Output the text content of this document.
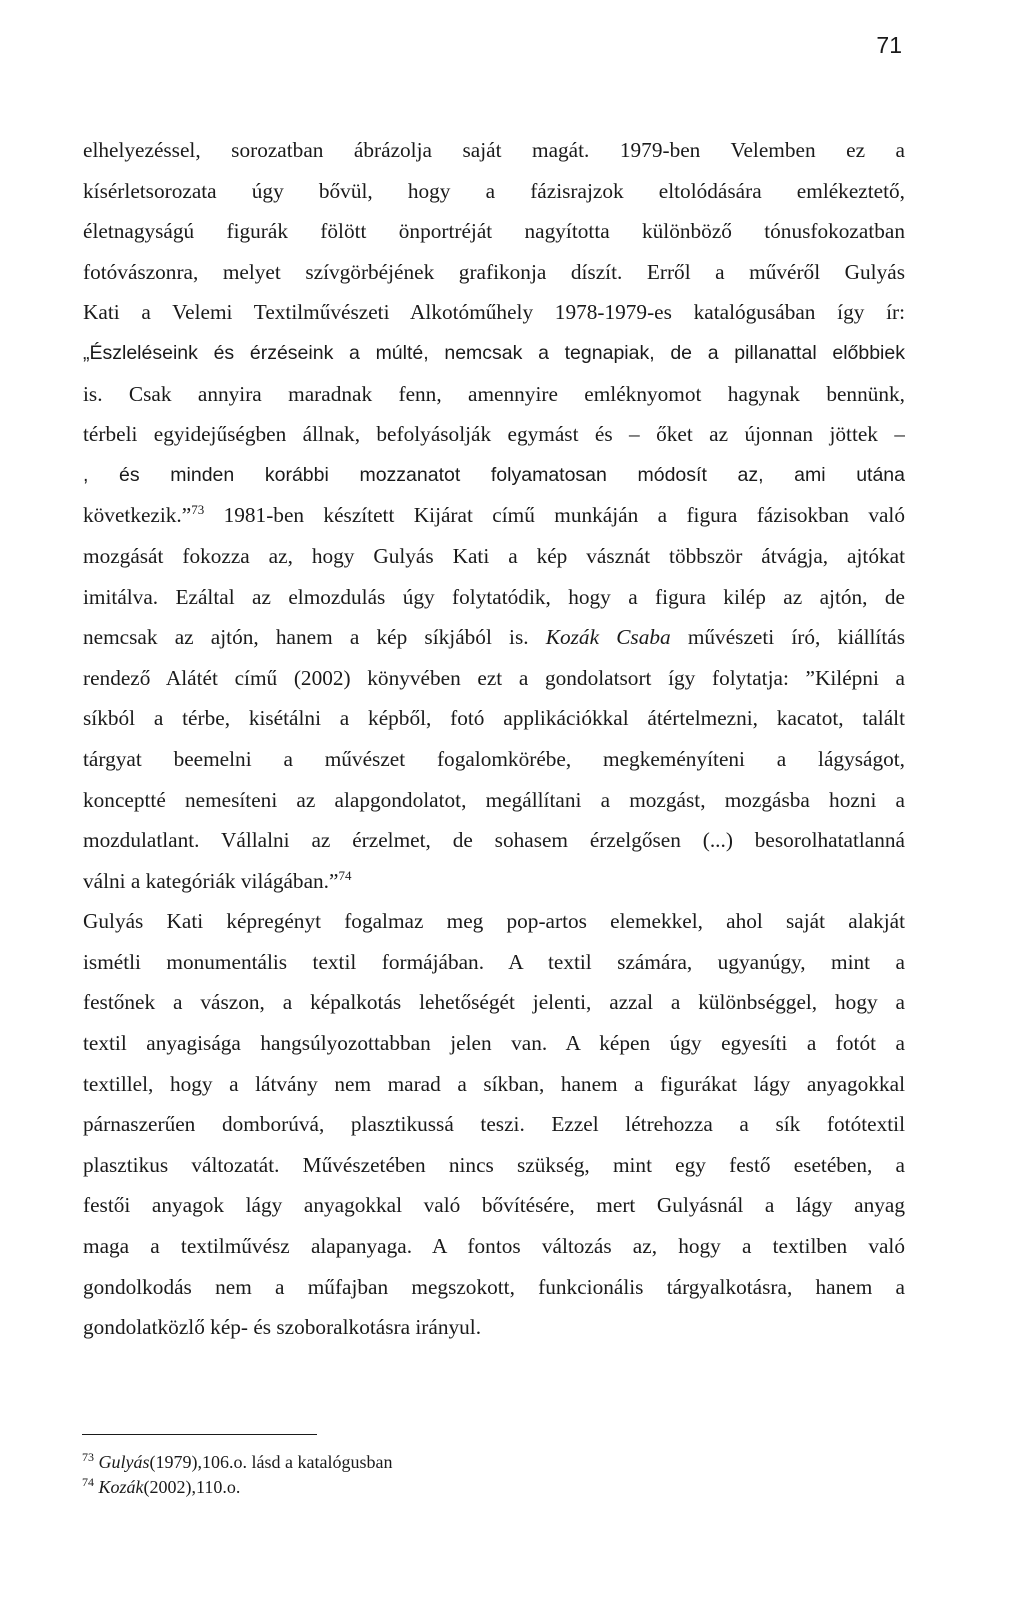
71
elhelyezéssel, sorozatban ábrázolja saját magát. 1979-ben Velemben ez a
kísérletsorozata úgy bővül, hogy a fázisrajzok eltolódására emlékeztető,
életnagyságú figurák fölött önportréját nagyította különböző tónusfokozatban
fotóvászonra, melyet szívgörbéjének grafikonja díszít. Erről a művéről Gulyás
Kati a Velemi Textilművészeti Alkotóműhely 1978-1979-es katalógusában így ír:
„Észleléseink és érzéseink a múlté, nemcsak a tegnapiak, de a pillanattal előbbiek
is. Csak annyira maradnak fenn, amennyire emléknyomot hagynak bennünk,
térbeli egyidejűségben állnak, befolyásolják egymást és – őket az újonnan jöttek –
, és minden korábbi mozzanatot folyamatosan módosít az, ami utána
következik.”$^{73}$ 1981-ben készített Kijárat című munkáján a figura fázisokban való
mozgását fokozza az, hogy Gulyás Kati a kép vásznát többször átvágja, ajtókat
imitálva. Ezáltal az elmozdulás úgy folytatódik, hogy a figura kilép az ajtón, de
nemcsak az ajtón, hanem a kép síkjából is. Kozák Csaba művészeti író, kiállítás
rendező Alátét című (2002) könyvében ezt a gondolatsort így folytatja: ”Kilépni a
síkból a térbe, kisétálni a képből, fotó applikációkkal átértelmezni, kacatot, talált
tárgyat beemelni a művészet fogalomkörébe, megkeményíteni a lágyságot,
konceptté nemesíteni az alapgondolatot, megállítani a mozgást, mozgásba hozni a
mozdulatlant. Vállalni az érzelmet, de sohasem érzelgősen (...) besorolhatatlanná
válni a kategóriák világában.”$^{74}$
Gulyás Kati képregényt fogalmaz meg pop-artos elemekkel, ahol saját alakját
ismétli monumentális textil formájában. A textil számára, ugyanúgy, mint a
festőnek a vászon, a képalkotás lehetőségét jelenti, azzal a különbséggel, hogy a
textil anyagisága hangsúlyozottabban jelen van. A képen úgy egyesíti a fotót a
textillel, hogy a látvány nem marad a síkban, hanem a figurákat lágy anyagokkal
párnaszerűen domborúvá, plasztikussá teszi. Ezzel létrehozza a sík fotótextil
plasztikus változatát. Művészetében nincs szükség, mint egy festő esetében, a
festői anyagok lágy anyagokkal való bővítésére, mert Gulyásnál a lágy anyag
maga a textilművész alapanyaga. A fontos változás az, hogy a textilben való
gondolkodás nem a műfajban megszokott, funkcionális tárgyalkotásra, hanem a
gondolatközlő kép- és szoboralkotásra irányul.
$^{73}$ Gulyás(1979),106.o. lásd a katalógusban
$^{74}$ Kozák(2002),110.o.
